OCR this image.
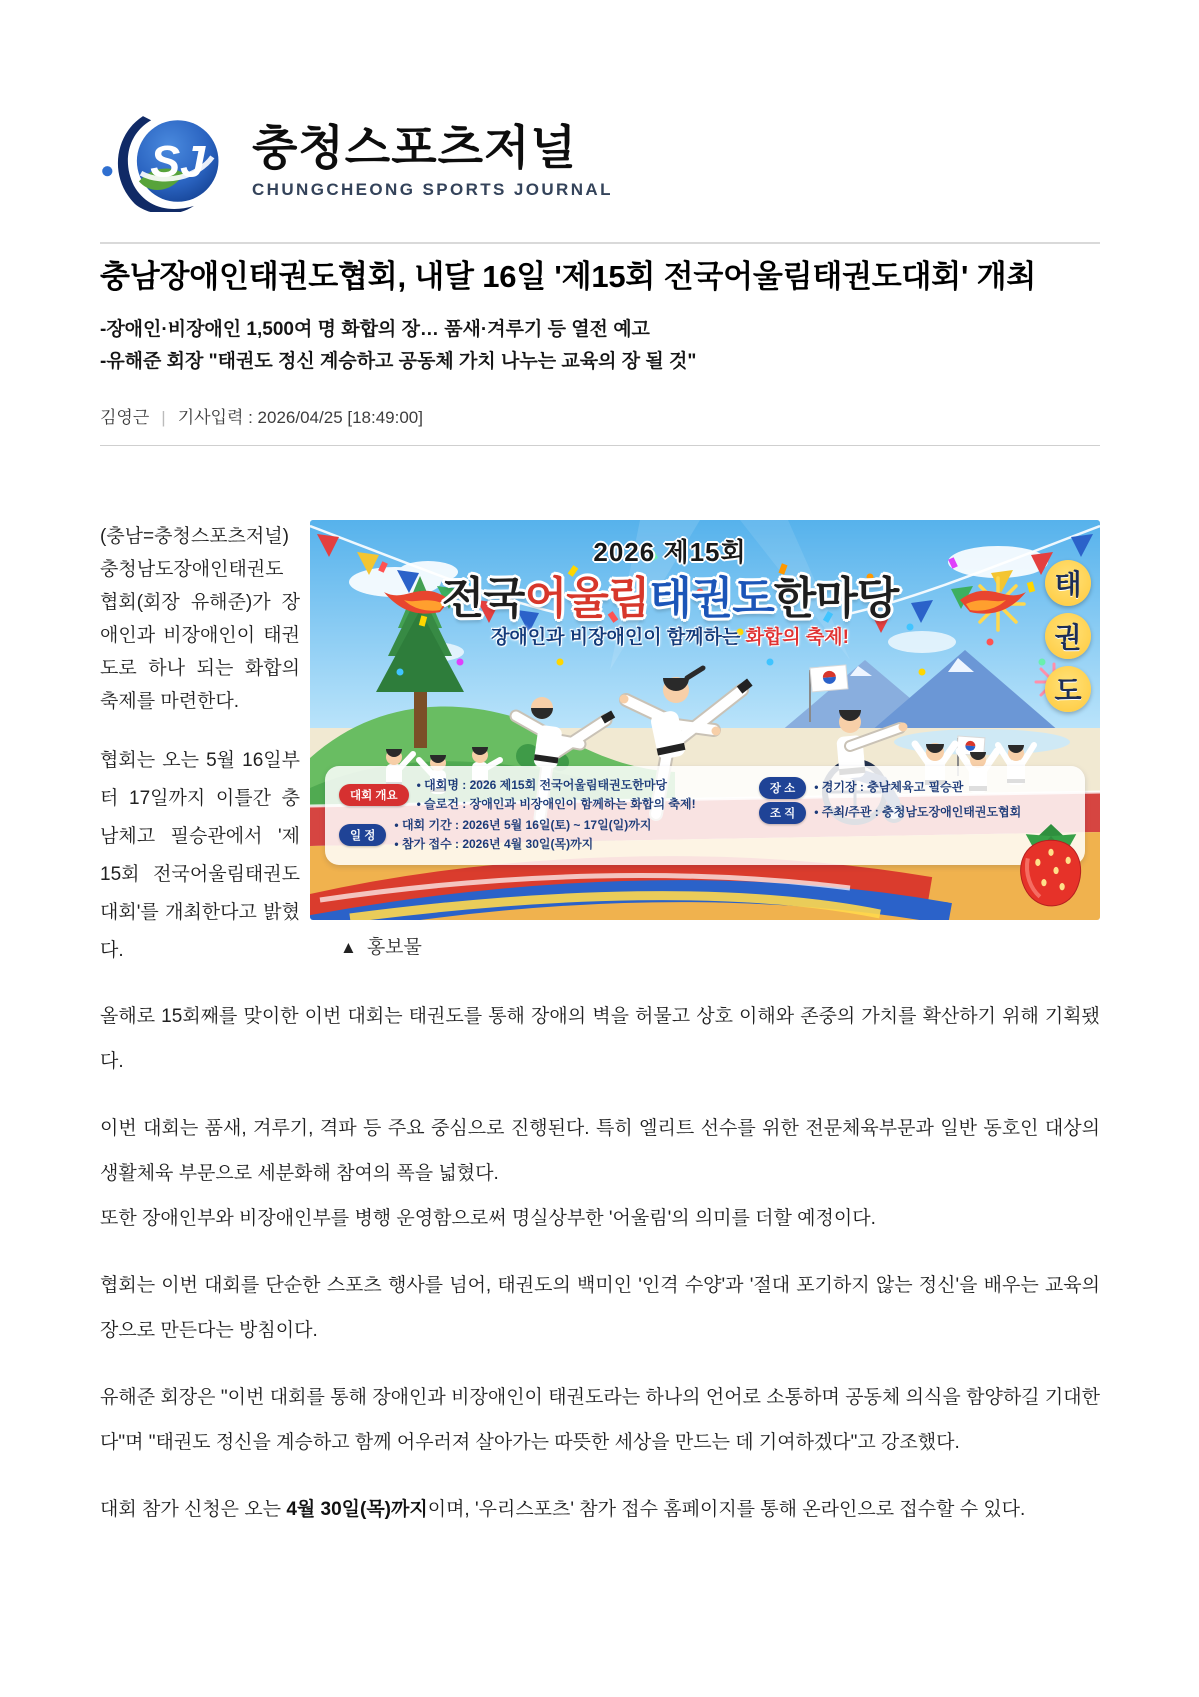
SJ 충청스포츠저널
CHUNGCHEONG SPORTS JOURNAL
충남장애인태권도협회, 내달 16일 '제15회 전국어울림태권도대회' 개최
-장애인·비장애인 1,500여 명 화합의 장… 품새·겨루기 등 열전 예고
-유해준 회장 "태권도 정신 계승하고 공동체 가치 나누는 교육의 장 될 것"
김영근 | 기사입력 : 2026/04/25 [18:49:00]

(충남=충청스포츠저널)충청남도장애인태권도협회(회장 유해준)가 장애인과 비장애인이 태권도로 하나 되는 화합의 축제를 마련한다.

협회는 오는 5월 16일부터 17일까지 이틀간 충남체고 필승관에서 '제15회 전국어울림태권도대회'를 개최한다고 밝혔다.

2026 제15회
전국어울림태권도한마당
장애인과 비장애인이 함께하는 화합의 축제!
태
권
도
대회 개요
• 대회명 : 2026 제15회 전국어울림태권도한마당
• 슬로건 : 장애인과 비장애인이 함께하는 화합의 축제!
일 정
• 대회 기간 : 2026년 5월 16일(토) ~ 17일(일)까지
• 참가 접수 : 2026년 4월 30일(목)까지
장 소	• 경기장 : 충남체육고 필승관
조 직	• 주최/주관 : 충청남도장애인태권도협회
▲ 홍보물

올해로 15회째를 맞이한 이번 대회는 태권도를 통해 장애의 벽을 허물고 상호 이해와 존중의 가치를 확산하기 위해 기획됐다.

이번 대회는 품새, 겨루기, 격파 등 주요 중심으로 진행된다. 특히 엘리트 선수를 위한 전문체육부문과 일반 동호인 대상의 생활체육 부문으로 세분화해 참여의 폭을 넓혔다.

또한 장애인부와 비장애인부를 병행 운영함으로써 명실상부한 '어울림'의 의미를 더할 예정이다.

협회는 이번 대회를 단순한 스포츠 행사를 넘어, 태권도의 백미인 '인격 수양'과 '절대 포기하지 않는 정신'을 배우는 교육의 장으로 만든다는 방침이다.

유해준 회장은 "이번 대회를 통해 장애인과 비장애인이 태권도라는 하나의 언어로 소통하며 공동체 의식을 함양하길 기대한다"며 "태권도 정신을 계승하고 함께 어우러져 살아가는 따뜻한 세상을 만드는 데 기여하겠다"고 강조했다.

대회 참가 신청은 오는 4월 30일(목)까지이며, '우리스포츠' 참가 접수 홈페이지를 통해 온라인으로 접수할 수 있다.
